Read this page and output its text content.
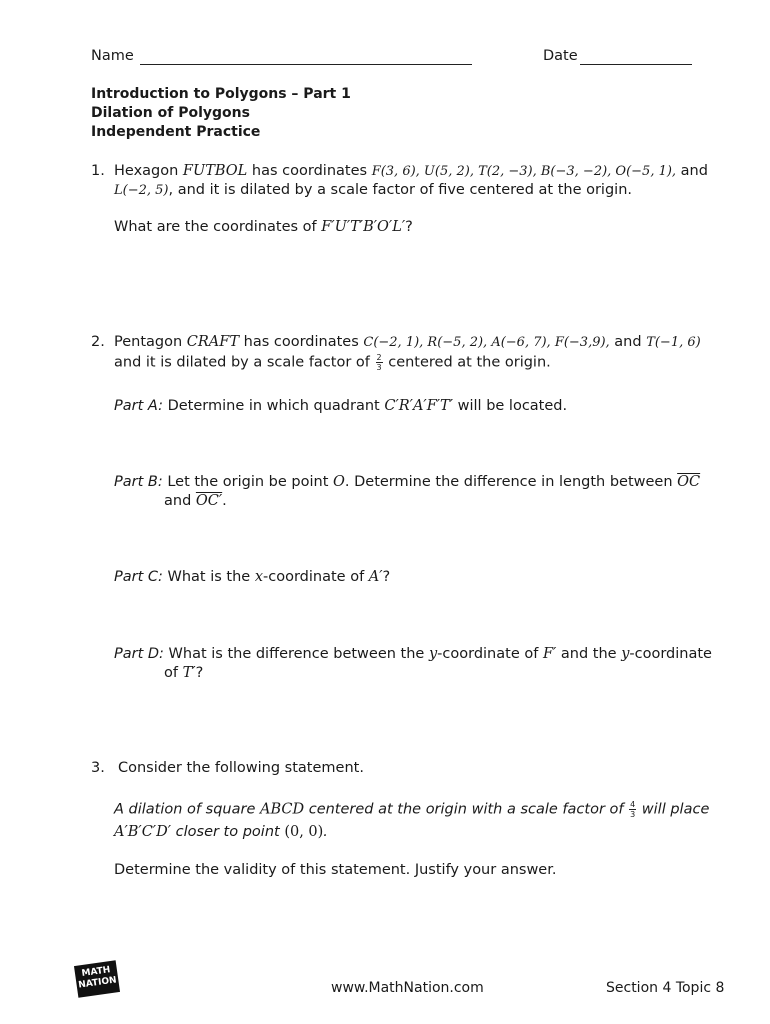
Name	Date
Introduction to Polygons – Part 1
Dilation of Polygons
Independent Practice
1. Hexagon FUTBOL has coordinates F(3, 6), U(5, 2), T(2, −3), B(−3, −2), O(−5, 1), and
L(−2, 5), and it is dilated by a scale factor of five centered at the origin.
What are the coordinates of F′U′T′B′O′L′?
2. Pentagon CRAFT has coordinates C(−2, 1), R(−5, 2), A(−6, 7), F(−3,9), and T(−1, 6)
and it is dilated by a scale factor of $\frac{2}{3}$ centered at the origin.
Part A: Determine in which quadrant C′R′A′F′T′ will be located.
Part B: Let the origin be point O. Determine the difference in length between $\overline{OC}$
and OC′.
Part C: What is the x-coordinate of A′?
Part D: What is the difference between the y-coordinate of F′ and the y-coordinate
of T′?
3. Consider the following statement.
A dilation of square ABCD centered at the origin with a scale factor of $\frac{4}{3}$ will place
A′B′C′D′ closer to point (0, 0).
Determine the validity of this statement. Justify your answer.
MATH
NATION	www.MathNation.com	Section 4 Topic 8
